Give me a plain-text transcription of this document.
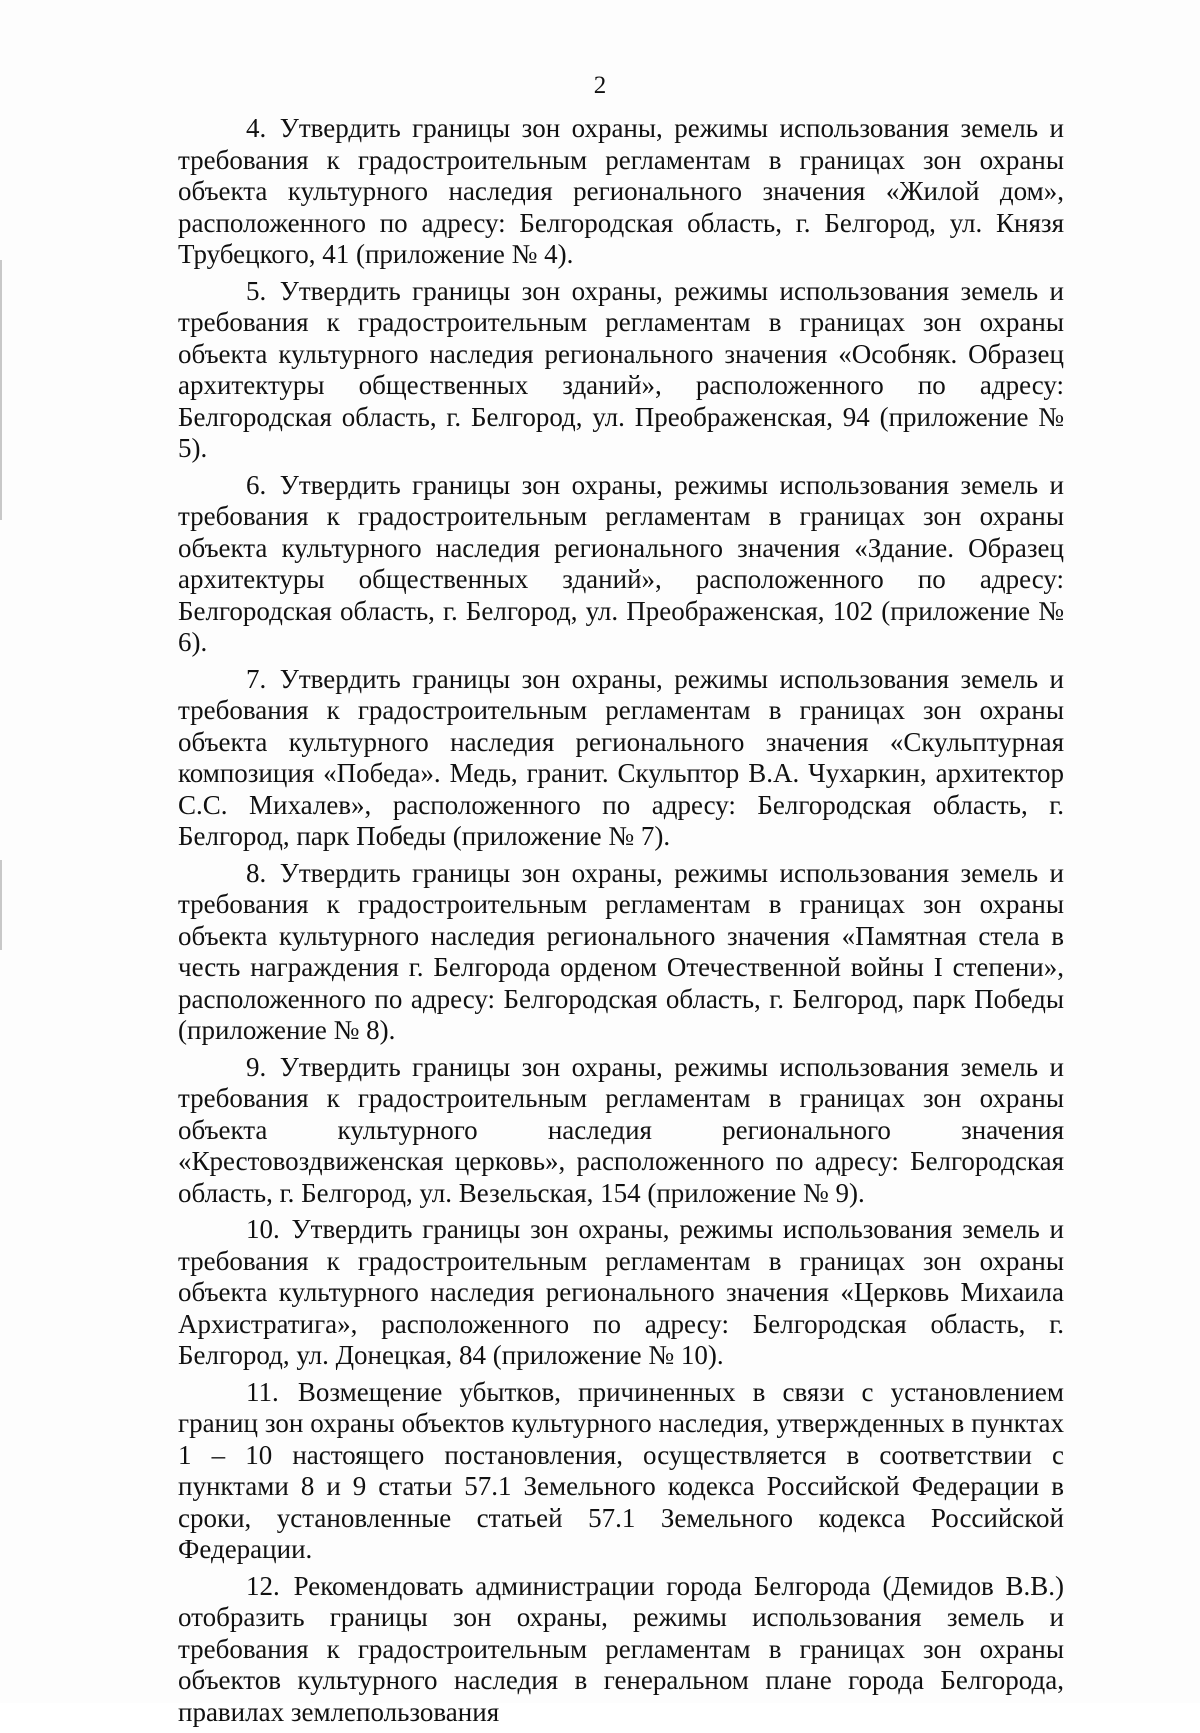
2

4. Утвердить границы зон охраны, режимы использования земель и требования к градостроительным регламентам в границах зон охраны объекта культурного наследия регионального значения «Жилой дом», расположенного по адресу: Белгородская область, г. Белгород, ул. Князя Трубецкого, 41 (приложение № 4).

5. Утвердить границы зон охраны, режимы использования земель и требования к градостроительным регламентам в границах зон охраны объекта культурного наследия регионального значения «Особняк. Образец архитектуры общественных зданий», расположенного по адресу: Белгородская область, г. Белгород, ул. Преображенская, 94 (приложение № 5).

6. Утвердить границы зон охраны, режимы использования земель и требования к градостроительным регламентам в границах зон охраны объекта культурного наследия регионального значения «Здание. Образец архитектуры общественных зданий», расположенного по адресу: Белгородская область, г. Белгород, ул. Преображенская, 102 (приложение № 6).

7. Утвердить границы зон охраны, режимы использования земель и требования к градостроительным регламентам в границах зон охраны объекта культурного наследия регионального значения «Скульптурная композиция «Победа». Медь, гранит. Скульптор В.А. Чухаркин, архитектор С.С. Михалев», расположенного по адресу: Белгородская область, г. Белгород, парк Победы (приложение № 7).

8. Утвердить границы зон охраны, режимы использования земель и требования к градостроительным регламентам в границах зон охраны объекта культурного наследия регионального значения «Памятная стела в честь награждения г. Белгорода орденом Отечественной войны I степени», расположенного по адресу: Белгородская область, г. Белгород, парк Победы (приложение № 8).

9. Утвердить границы зон охраны, режимы использования земель и требования к градостроительным регламентам в границах зон охраны объекта культурного наследия регионального значения «Крестовоздвиженская церковь», расположенного по адресу: Белгородская область, г. Белгород, ул. Везельская, 154 (приложение № 9).

10. Утвердить границы зон охраны, режимы использования земель и требования к градостроительным регламентам в границах зон охраны объекта культурного наследия регионального значения «Церковь Михаила Архистратига», расположенного по адресу: Белгородская область, г. Белгород, ул. Донецкая, 84 (приложение № 10).

11. Возмещение убытков, причиненных в связи с установлением границ зон охраны объектов культурного наследия, утвержденных в пунктах 1 – 10 настоящего постановления, осуществляется в соответствии с пунктами 8 и 9 статьи 57.1 Земельного кодекса Российской Федерации в сроки, установленные статьей 57.1 Земельного кодекса Российской Федерации.

12. Рекомендовать администрации города Белгорода (Демидов В.В.) отобразить границы зон охраны, режимы использования земель и требования к градостроительным регламентам в границах зон охраны объектов культурного наследия в генеральном плане города Белгорода, правилах землепользования
